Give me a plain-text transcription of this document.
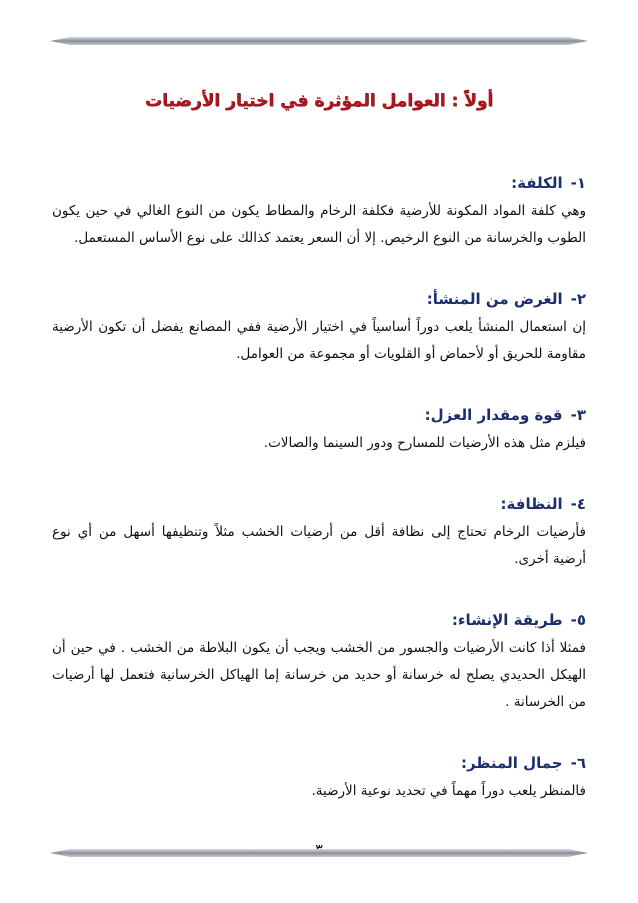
أولاً : العوامل المؤثرة في اختيار الأرضيات
١-الكلفة:

وهي كلفة المواد المكونة للأرضية فكلفة الرخام والمطاط يكون من النوع الغالي في حين يكون الطوب والخرسانة من النوع الرخيص. إلا أن السعر يعتمد كذالك على نوع الأساس المستعمل.

٢-الغرض من المنشأ:

إن استعمال المنشأ يلعب دوراً أساسياً في اختيار الأرضية ففي المصانع يفضل أن تكون الأرضية مقاومة للحريق أو لأحماض أو القلويات أو مجموعة من العوامل.

٣-قوة ومقدار العزل:

فيلزم مثل هذه الأرضيات للمسارح ودور السينما والصالات.

٤-النظافة:

فأرضيات الرخام تحتاج إلى نظافة أقل من أرضيات الخشب مثلاً وتنظيفها أسهل من أي نوع أرضية أخرى.

٥-طريقة الإنشاء:

فمثلا أذا كانت الأرضيات والجسور من الخشب ويجب أن يكون البلاطة من الخشب . في حين أن الهيكل الحديدي يصلح له خرسانة أو حديد من خرسانة إما الهياكل الخرسانية فتعمل لها أرضيات من الخرسانة .

٦-جمال المنظر:

فالمنظر يلعب دوراً مهماً في تحديد نوعية الأرضية.
